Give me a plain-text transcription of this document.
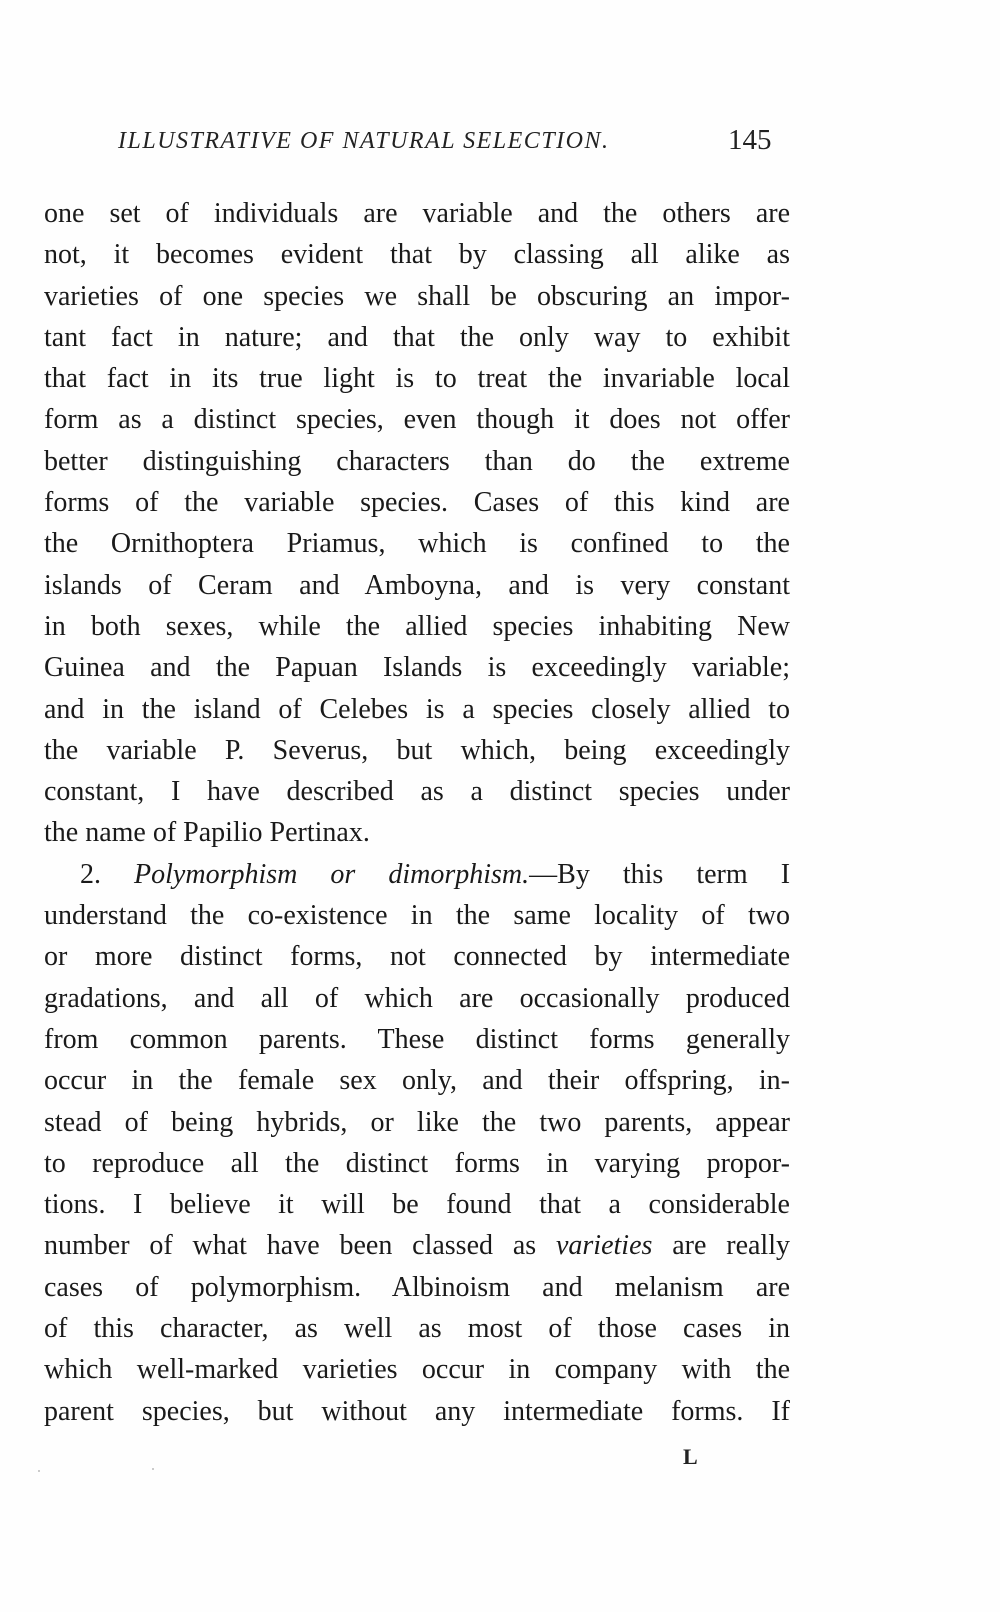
ILLUSTRATIVE OF NATURAL SELECTION.	145
one set of individuals are variable and the others are
not, it becomes evident that by classing all alike as
varieties of one species we shall be obscuring an impor-
tant fact in nature; and that the only way to exhibit
that fact in its true light is to treat the invariable local
form as a distinct species, even though it does not offer
better distinguishing characters than do the extreme
forms of the variable species. Cases of this kind are
the Ornithoptera Priamus, which is confined to the
islands of Ceram and Amboyna, and is very constant
in both sexes, while the allied species inhabiting New
Guinea and the Papuan Islands is exceedingly variable;
and in the island of Celebes is a species closely allied to
the variable P. Severus, but which, being exceedingly
constant, I have described as a distinct species under
the name of Papilio Pertinax.
2. Polymorphism or dimorphism.—By this term I
understand the co-existence in the same locality of two
or more distinct forms, not connected by intermediate
gradations, and all of which are occasionally produced
from common parents. These distinct forms generally
occur in the female sex only, and their offspring, in-
stead of being hybrids, or like the two parents, appear
to reproduce all the distinct forms in varying propor-
tions. I believe it will be found that a considerable
number of what have been classed as varieties are really
cases of polymorphism. Albinoism and melanism are
of this character, as well as most of those cases in
which well-marked varieties occur in company with the
parent species, but without any intermediate forms. If
L
